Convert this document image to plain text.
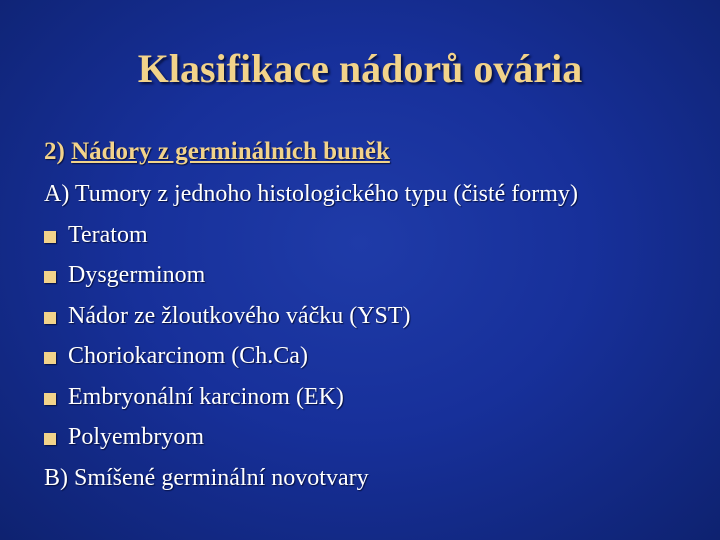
Klasifikace nádorů ovária
2) Nádory z germinálních buněk
A) Tumory z jednoho histologického typu (čisté formy)
Teratom
Dysgerminom
Nádor ze žloutkového váčku (YST)
Choriokarcinom (Ch.Ca)
Embryonální karcinom (EK)
Polyembryom
B) Smíšené germinální novotvary
